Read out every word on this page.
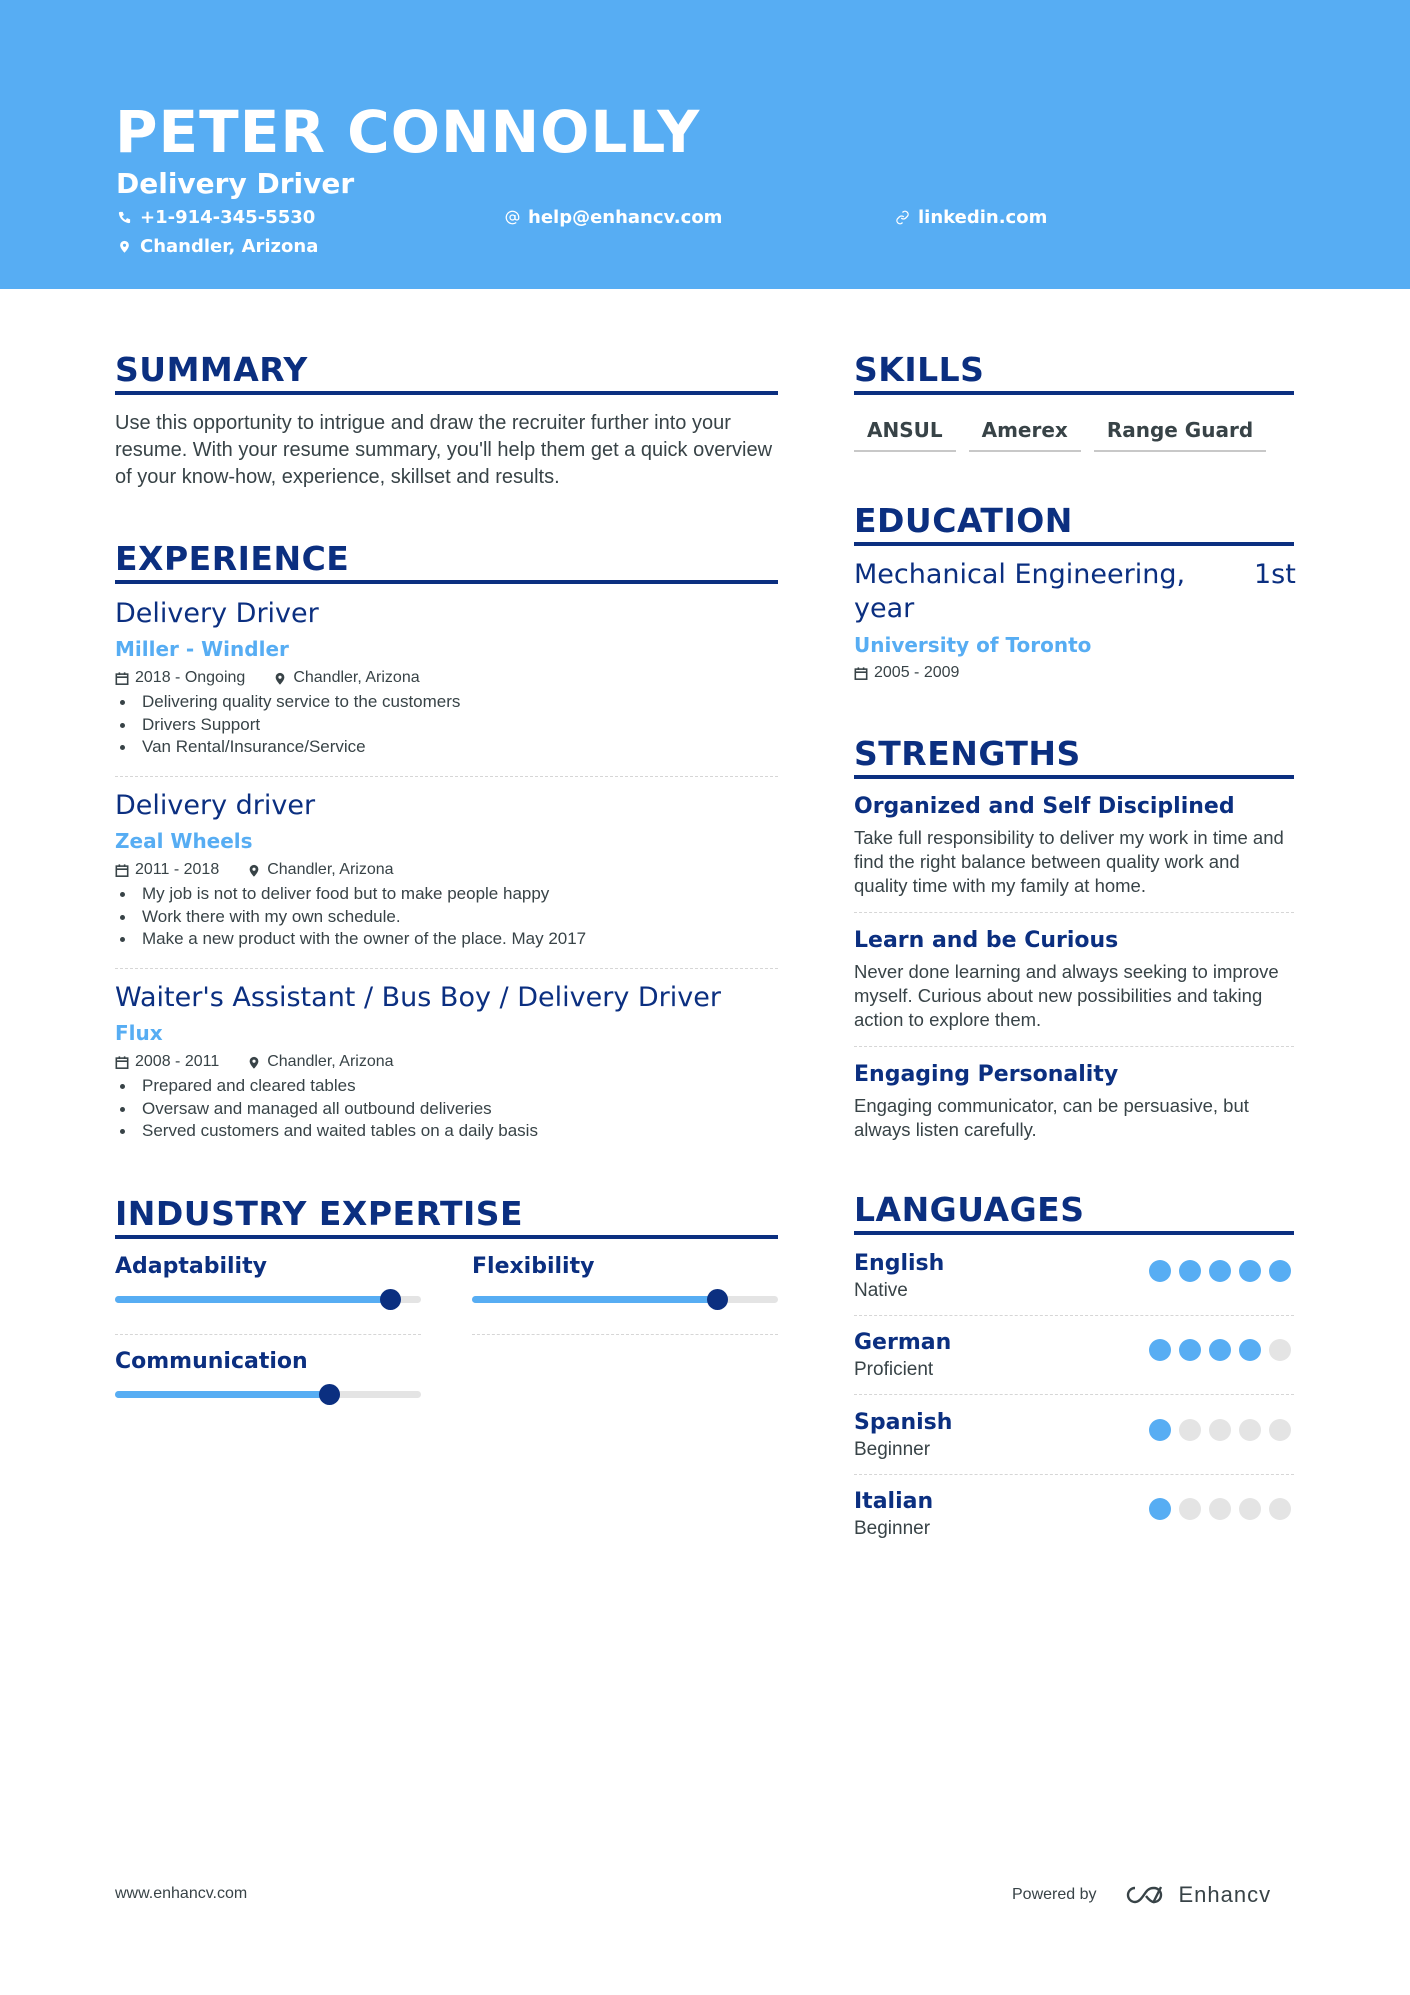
PETER CONNOLLY
Delivery Driver
+1-914-345-5530	help@enhancv.com	linkedin.com
Chandler, Arizona
SUMMARY
Use this opportunity to intrigue and draw the recruiter further into your resume. With your resume summary, you'll help them get a quick overview of your know-how, experience, skillset and results.
EXPERIENCE
Delivery Driver
Miller - Windler
2018 - Ongoing	Chandler, Arizona
Delivering quality service to the customers
Drivers Support
Van Rental/Insurance/Service
Delivery driver
Zeal Wheels
2011 - 2018	Chandler, Arizona
My job is not to deliver food but to make people happy
Work there with my own schedule.
Make a new product with the owner of the place. May 2017
Waiter's Assistant / Bus Boy / Delivery Driver
Flux
2008 - 2011	Chandler, Arizona
Prepared and cleared tables
Oversaw and managed all outbound deliveries
Served customers and waited tables on a daily basis
INDUSTRY EXPERTISE
Adaptability	Flexibility
Communication
SKILLS
ANSUL	Amerex	Range Guard
EDUCATION
Mechanical Engineering,
year
1st
University of Toronto
2005 - 2009
STRENGTHS
Organized and Self Disciplined
Take full responsibility to deliver my work in time and find the right balance between quality work and quality time with my family at home.
Learn and be Curious
Never done learning and always seeking to improve myself. Curious about new possibilities and taking action to explore them.
Engaging Personality
Engaging communicator, can be persuasive, but always listen carefully.
LANGUAGES
English
Native
German
Proficient
Spanish
Beginner
Italian
Beginner
www.enhancv.com	Powered by	Enhancv
